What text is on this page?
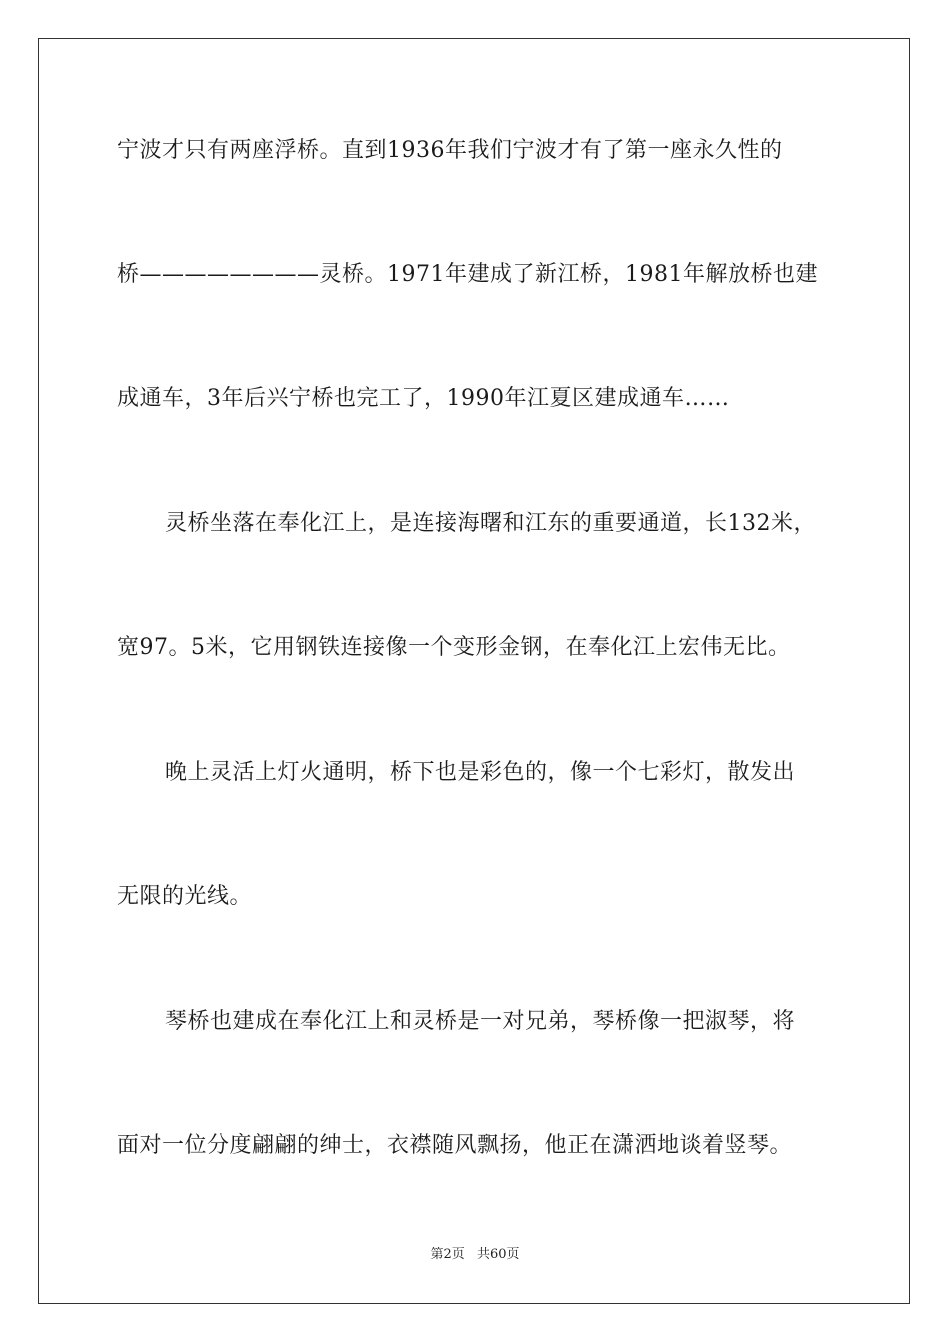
宁波才只有两座浮桥。直到1936年我们宁波才有了第一座永久性的
桥————————灵桥。1971年建成了新江桥，1981年解放桥也建
成通车，3年后兴宁桥也完工了，1990年江夏区建成通车……
灵桥坐落在奉化江上，是连接海曙和江东的重要通道，长132米，
宽97。5米，它用钢铁连接像一个变形金钢，在奉化江上宏伟无比。
晚上灵活上灯火通明，桥下也是彩色的，像一个七彩灯，散发出
无限的光线。
琴桥也建成在奉化江上和灵桥是一对兄弟，琴桥像一把淑琴，将
面对一位分度翩翩的绅士，衣襟随风飘扬，他正在潇洒地谈着竖琴。
第2页 共60页
